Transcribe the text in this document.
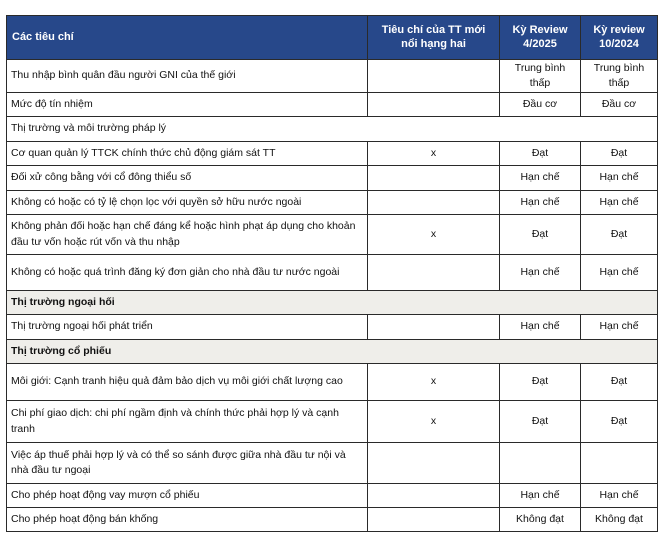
Các tiêu chí	Tiêu chí của TT mới nổi hạng hai	Kỳ Review 4/2025	Kỳ review 10/2024
Thu nhập bình quân đầu người GNI của thế giới		Trung bình thấp	Trung bình thấp
Mức độ tín nhiệm		Đầu cơ	Đầu cơ
Thị trường và môi trường pháp lý			
Cơ quan quản lý TTCK chính thức chủ động giám sát TT	x	Đạt	Đạt
Đối xử công bằng với cổ đông thiểu số		Hạn chế	Hạn chế
Không có hoặc có tỷ lệ chọn lọc với quyền sở hữu nước ngoài		Hạn chế	Hạn chế
Không phản đối hoặc hạn chế đáng kể hoặc hình phạt áp dụng cho khoản đầu tư vốn hoặc rút vốn và thu nhập	x	Đạt	Đạt
Không có hoặc quá trình đăng ký đơn giản cho nhà đầu tư nước ngoài		Hạn chế	Hạn chế
Thị trường ngoại hối			
Thị trường ngoại hối phát triển		Hạn chế	Hạn chế
Thị trường cổ phiếu			
Môi giới: Cạnh tranh hiệu quả đảm bảo dịch vụ môi giới chất lượng cao	x	Đạt	Đạt
Chi phí giao dịch: chi phí ngầm định và chính thức phải hợp lý và cạnh tranh	x	Đạt	Đạt
Việc áp thuế phải hợp lý và có thể so sánh được giữa nhà đầu tư nội và nhà đầu tư ngoại			
Cho phép hoạt động vay mượn cổ phiếu		Hạn chế	Hạn chế
Cho phép hoạt động bán khống		Không đạt	Không đạt
